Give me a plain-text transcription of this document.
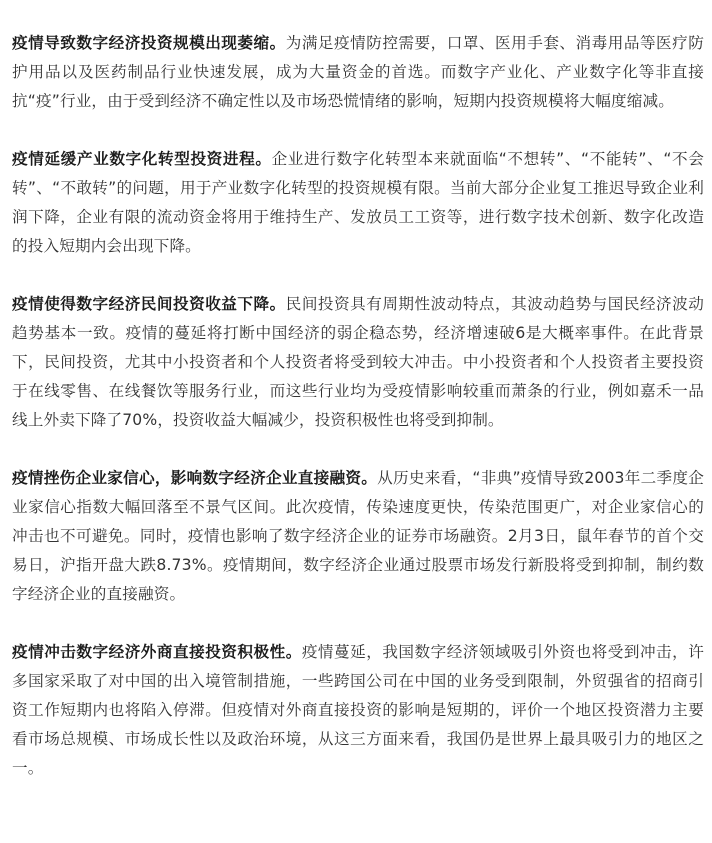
疫情导致数字经济投资规模出现萎缩。为满足疫情防控需要，口罩、医用手套、消毒用品等医疗防护用品以及医药制品行业快速发展，成为大量资金的首选。而数字产业化、产业数字化等非直接抗“疫”行业，由于受到经济不确定性以及市场恐慌情绪的影响，短期内投资规模将大幅度缩减。

疫情延缓产业数字化转型投资进程。企业进行数字化转型本来就面临“不想转”、“不能转”、“不会转”、“不敢转”的问题，用于产业数字化转型的投资规模有限。当前大部分企业复工推迟导致企业利润下降，企业有限的流动资金将用于维持生产、发放员工工资等，进行数字技术创新、数字化改造的投入短期内会出现下降。

疫情使得数字经济民间投资收益下降。民间投资具有周期性波动特点，其波动趋势与国民经济波动趋势基本一致。疫情的蔓延将打断中国经济的弱企稳态势，经济增速破6是大概率事件。在此背景下，民间投资，尤其中小投资者和个人投资者将受到较大冲击。中小投资者和个人投资者主要投资于在线零售、在线餐饮等服务行业，而这些行业均为受疫情影响较重而萧条的行业，例如嘉禾一品线上外卖下降了70%，投资收益大幅减少，投资积极性也将受到抑制。

疫情挫伤企业家信心，影响数字经济企业直接融资。从历史来看，“非典”疫情导致2003年二季度企业家信心指数大幅回落至不景气区间。此次疫情，传染速度更快，传染范围更广，对企业家信心的冲击也不可避免。同时，疫情也影响了数字经济企业的证券市场融资。2月3日，鼠年春节的首个交易日，沪指开盘大跌8.73%。疫情期间，数字经济企业通过股票市场发行新股将受到抑制，制约数字经济企业的直接融资。

疫情冲击数字经济外商直接投资积极性。疫情蔓延，我国数字经济领域吸引外资也将受到冲击，许多国家采取了对中国的出入境管制措施，一些跨国公司在中国的业务受到限制，外贸强省的招商引资工作短期内也将陷入停滞。但疫情对外商直接投资的影响是短期的，评价一个地区投资潜力主要看市场总规模、市场成长性以及政治环境，从这三方面来看，我国仍是世界上最具吸引力的地区之一。
